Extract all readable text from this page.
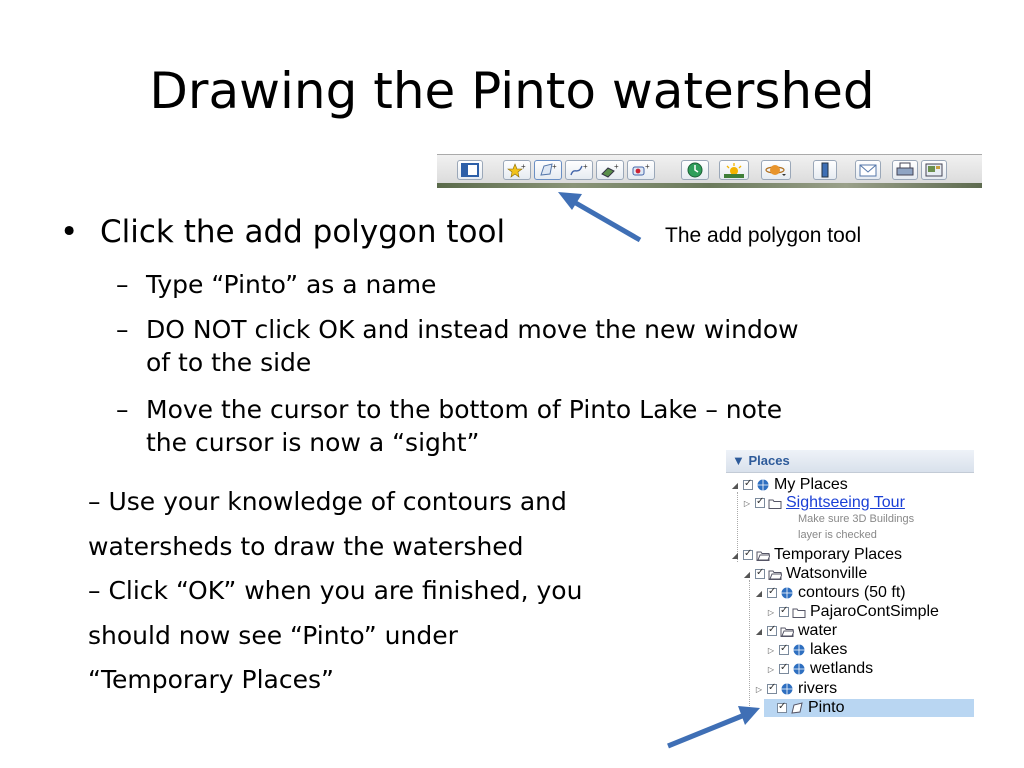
Drawing the Pinto watershed
+	+	+	+	+
The add polygon tool
• Click the add polygon tool
– Type “Pinto” as a name
– DO NOT click OK and instead move the new window
of to the side
– Move the cursor to the bottom of Pinto Lake – note
the cursor is now a “sight”
– Use your knowledge of contours and
watersheds to draw the watershed
– Click “OK” when you are finished, you
should now see “Pinto” under
“Temporary Places”
▼ Places
◢ ✓ My Places
▷ ✓ Sightseeing Tour
Make sure 3D Buildings
layer is checked
◢ ✓ Temporary Places
◢ ✓ Watsonville
◢ ✓ contours (50 ft)
▷ ✓ PajaroContSimple
◢ ✓ water
▷ ✓ lakes
▷ ✓ wetlands
▷ ✓ rivers
✓
Pinto
